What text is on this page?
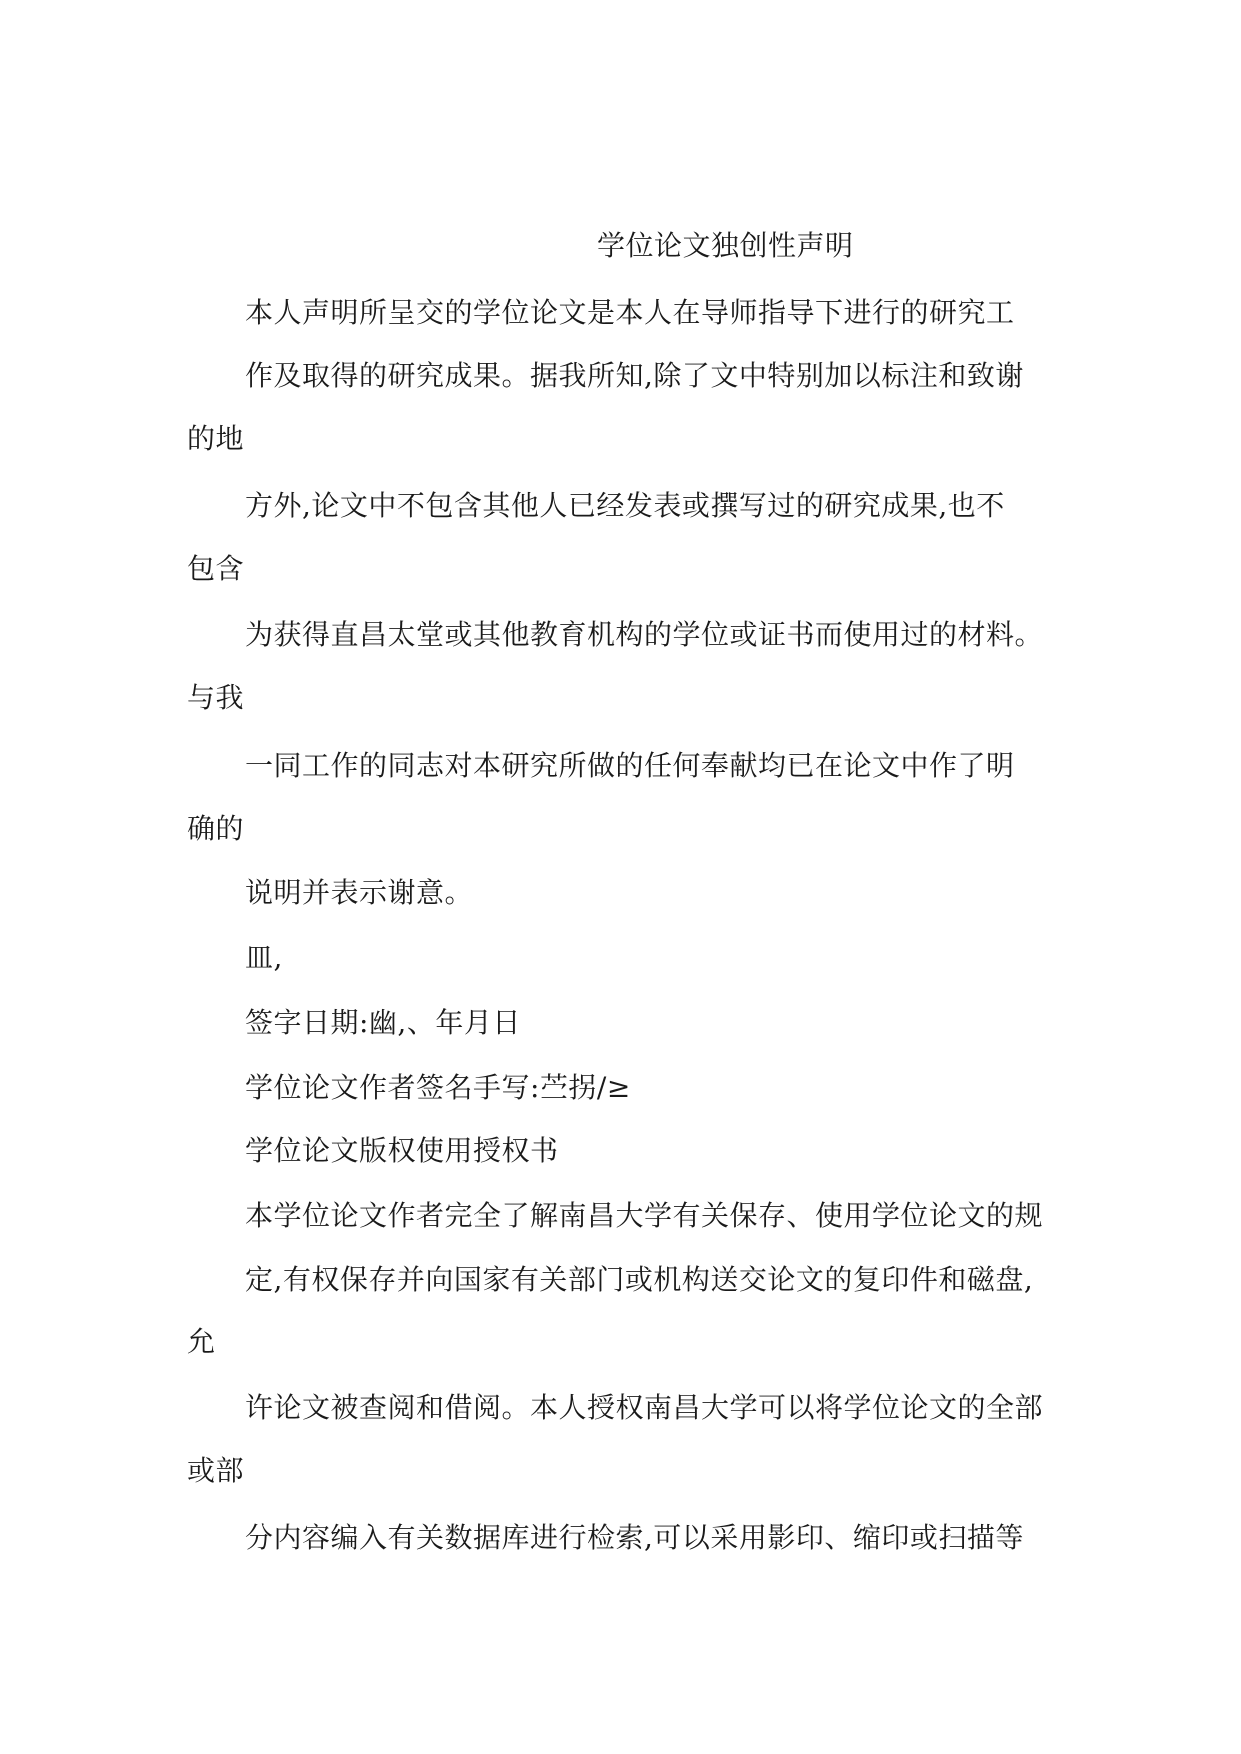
学位论文独创性声明
本人声明所呈交的学位论文是本人在导师指导下进行的研究工
作及取得的研究成果。据我所知,除了文中特别加以标注和致谢
的地
方外,论文中不包含其他人已经发表或撰写过的研究成果,也不
包含
为获得直昌太堂或其他教育机构的学位或证书而使用过的材料。
与我
一同工作的同志对本研究所做的任何奉献均已在论文中作了明
确的
说明并表示谢意。
皿,
签字日期:幽,、年月日
学位论文作者签名手写:苎拐/≥
学位论文版权使用授权书
本学位论文作者完全了解南昌大学有关保存、使用学位论文的规
定,有权保存并向国家有关部门或机构送交论文的复印件和磁盘,
允
许论文被查阅和借阅。本人授权南昌大学可以将学位论文的全部
或部
分内容编入有关数据库进行检索,可以采用影印、缩印或扫描等
